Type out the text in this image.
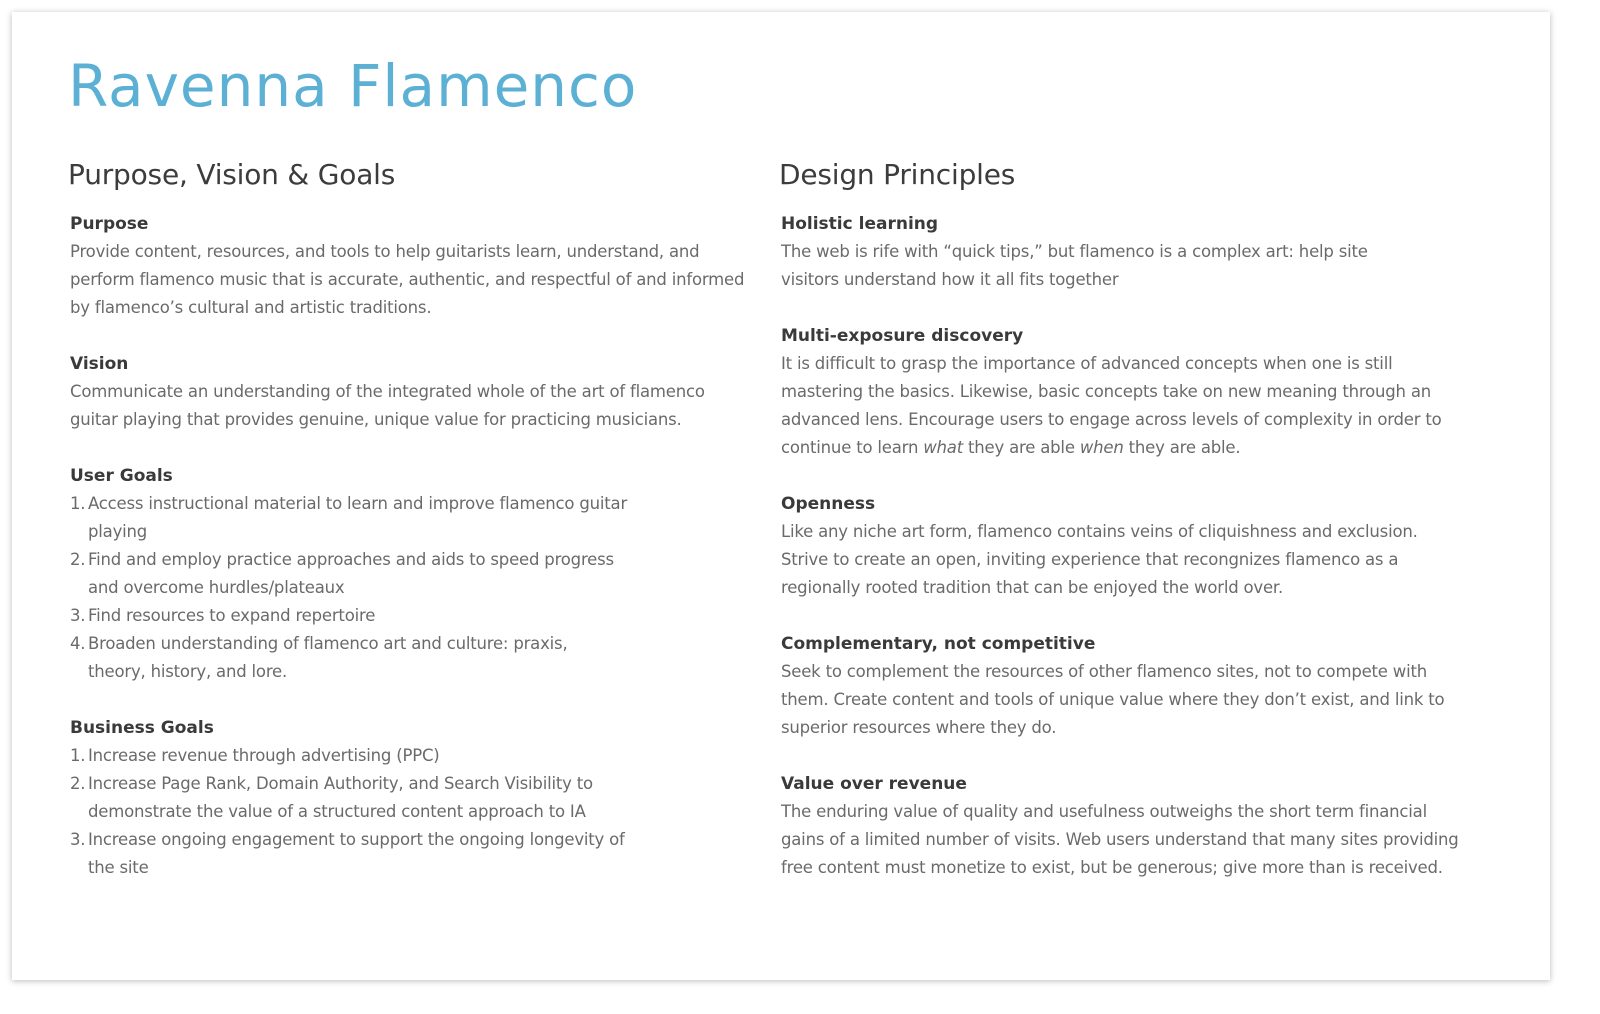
Ravenna Flamenco
Purpose, Vision & Goals
Purpose

Provide content, resources, and tools to help guitarists learn, understand, and perform flamenco music that is accurate, authentic, and respectful of and informed by flamenco’s cultural and artistic traditions.

Vision

Communicate an understanding of the integrated whole of the art of flamenco guitar playing that provides genuine, unique value for practicing musicians.

User Goals
1. Access instructional material to learn and improve flamenco guitar playing
2. Find and employ practice approaches and aids to speed progress and overcome hurdles/plateaux
3. Find resources to expand repertoire
4. Broaden understanding of flamenco art and culture: praxis, theory, history, and lore.
Business Goals
1. Increase revenue through advertising (PPC)
2. Increase Page Rank, Domain Authority, and Search Visibility to demonstrate the value of a structured content approach to IA
3. Increase ongoing engagement to support the ongoing longevity of the site
Design Principles
Holistic learning

The web is rife with “quick tips,” but flamenco is a complex art: help site visitors understand how it all fits together

Multi-exposure discovery

It is difficult to grasp the importance of advanced concepts when one is still mastering the basics. Likewise, basic concepts take on new meaning through an advanced lens. Encourage users to engage across levels of complexity in order to continue to learn what they are able when they are able.

Openness

Like any niche art form, flamenco contains veins of cliquishness and exclusion. Strive to create an open, inviting experience that recongnizes flamenco as a regionally rooted tradition that can be enjoyed the world over.

Complementary, not competitive

Seek to complement the resources of other flamenco sites, not to compete with them. Create content and tools of unique value where they don’t exist, and link to superior resources where they do.

Value over revenue

The enduring value of quality and usefulness outweighs the short term financial gains of a limited number of visits. Web users understand that many sites providing free content must monetize to exist, but be generous; give more than is received.
